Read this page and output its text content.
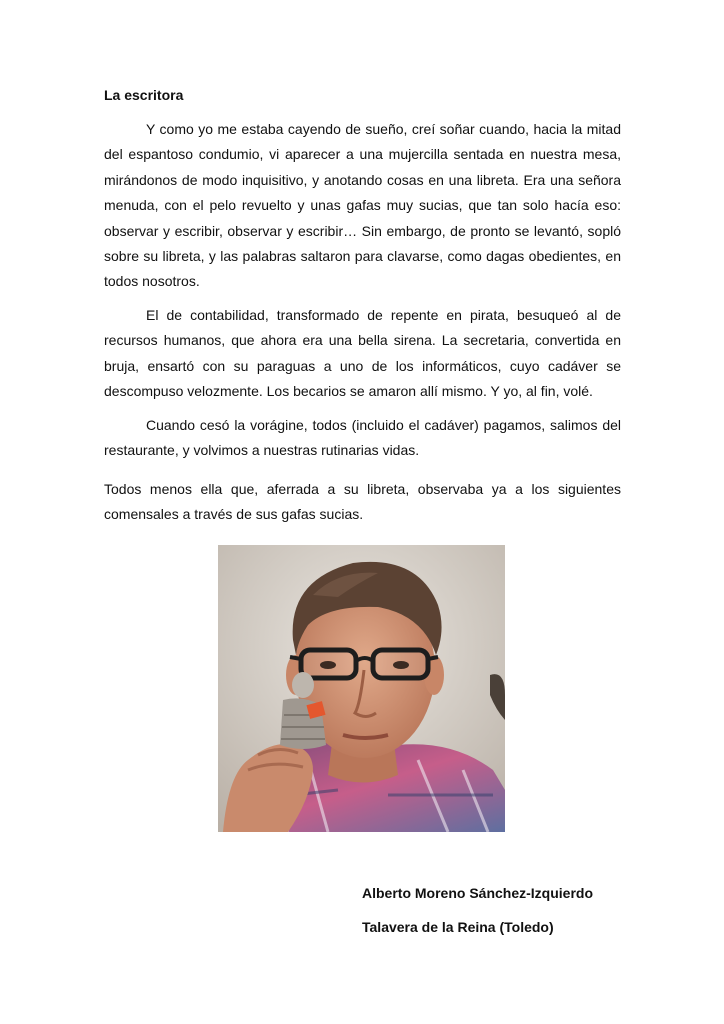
La escritora

Y como yo me estaba cayendo de sueño, creí soñar cuando, hacia la mitad del espantoso condumio, vi aparecer a una mujercilla sentada en nuestra mesa, mirándonos de modo inquisitivo, y anotando cosas en una libreta. Era una señora menuda, con el pelo revuelto y unas gafas muy sucias, que tan solo hacía eso: observar y escribir, observar y escribir… Sin embargo, de pronto se levantó, sopló sobre su libreta, y las palabras saltaron para clavarse, como dagas obedientes, en todos nosotros.

El de contabilidad, transformado de repente en pirata, besuqueó al de recursos humanos, que ahora era una bella sirena. La secretaria, convertida en bruja, ensartó con su paraguas a uno de los informáticos, cuyo cadáver se descompuso velozmente. Los becarios se amaron allí mismo. Y yo, al fin, volé.

Cuando cesó la vorágine, todos (incluido el cadáver) pagamos, salimos del restaurante, y volvimos a nuestras rutinarias vidas.

Todos menos ella que, aferrada a su libreta, observaba ya a los siguientes comensales a través de sus gafas sucias.

Alberto Moreno Sánchez-Izquierdo

Talavera de la Reina (Toledo)
